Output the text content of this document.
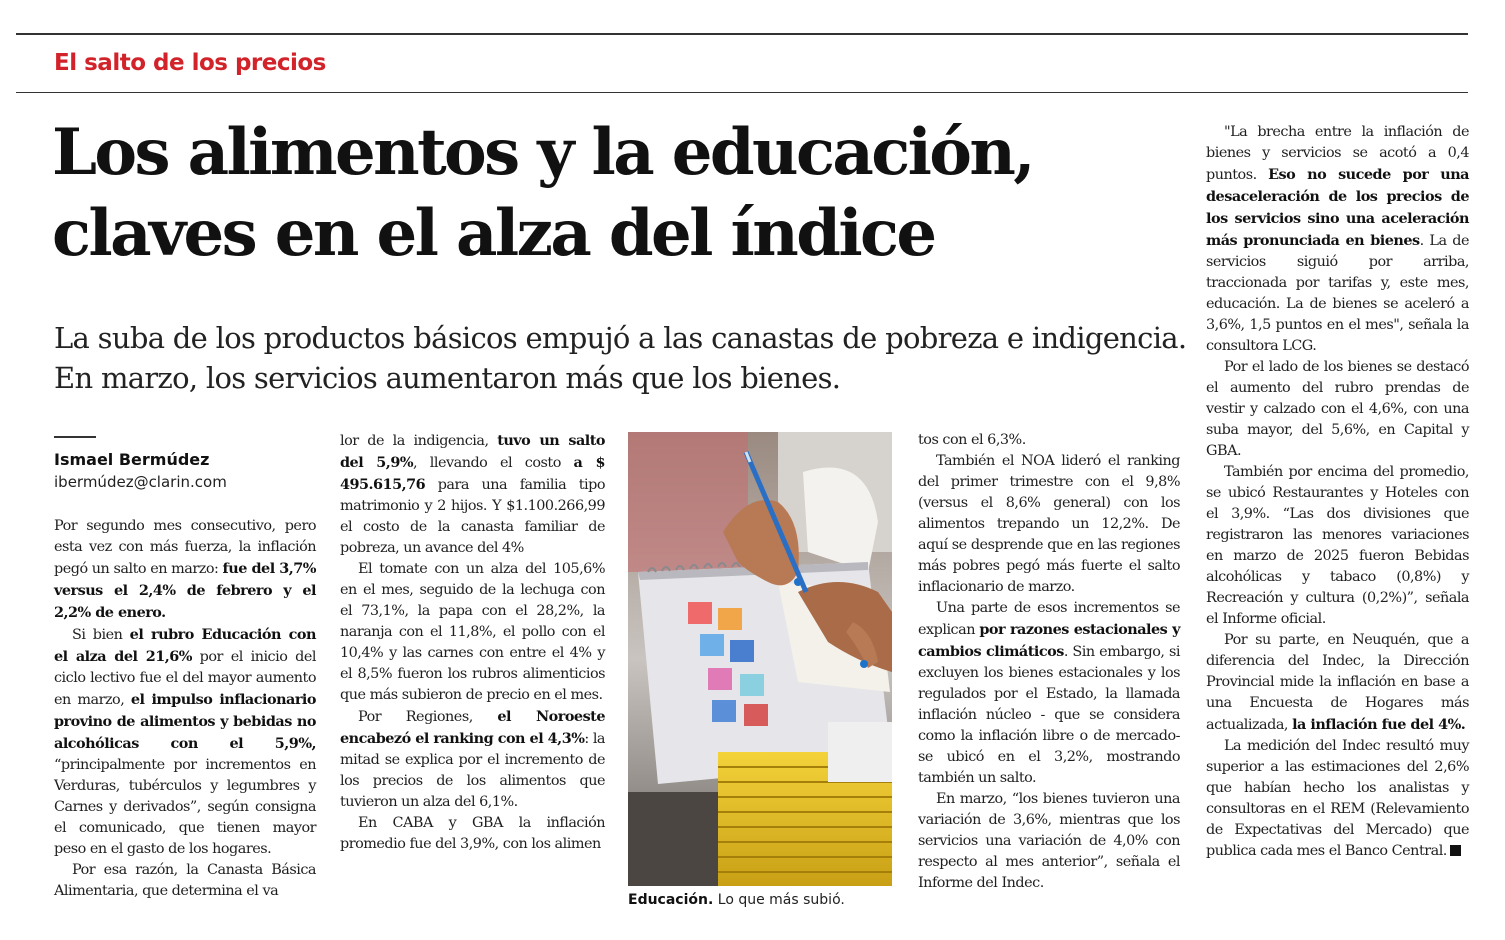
El salto de los precios
Los alimentos y la educación,
claves en el alza del índice
La suba de los productos básicos empujó a las canastas de pobreza e indigencia. En marzo, los servicios aumentaron más que los bienes.
Ismael Bermúdez
ibermúdez@clarin.com

Por segundo mes consecutivo, pero esta vez con más fuerza, la inflación pegó un salto en marzo: fue del 3,7% versus el 2,4% de febrero y el 2,2% de enero.

Si bien el rubro Educación con el alza del 21,6% por el inicio del ciclo lectivo fue el del mayor aumento en marzo, el impulso inflacionario provino de alimentos y bebidas no alcohólicas con el 5,9%, “principalmente por incrementos en Verduras, tubérculos y legumbres y Carnes y derivados”, según consigna el comunicado, que tienen mayor peso en el gasto de los hogares.

Por esa razón, la Canasta Básica Alimentaria, que determina el va

lor de la indigencia, tuvo un salto del 5,9%, llevando el costo a $ 495.615,76 para una familia tipo matrimonio y 2 hijos. Y $1.100.266,99 el costo de la canasta familiar de pobreza, un avance del 4%

El tomate con un alza del 105,6% en el mes, seguido de la lechuga con el 73,1%, la papa con el 28,2%, la naranja con el 11,8%, el pollo con el 10,4% y las carnes con entre el 4% y el 8,5% fueron los rubros alimenticios que más subieron de precio en el mes.

Por Regiones, el Noroeste encabezó el ranking con el 4,3%: la mitad se explica por el incremento de los precios de los alimentos que tuvieron un alza del 6,1%.

En CABA y GBA la inflación promedio fue del 3,9%, con los alimen

Educación. Lo que más subió.

tos con el 6,3%.

También el NOA lideró el ranking del primer trimestre con el 9,8% (versus el 8,6% general) con los alimentos trepando un 12,2%. De aquí se desprende que en las regiones más pobres pegó más fuerte el salto inflacionario de marzo.

Una parte de esos incrementos se explican por razones estacionales y cambios climáticos. Sin embargo, si excluyen los bienes estacionales y los regulados por el Estado, la llamada inflación núcleo - que se considera como la inflación libre o de mercado- se ubicó en el 3,2%, mostrando también un salto.

En marzo, “los bienes tuvieron una variación de 3,6%, mientras que los servicios una variación de 4,0% con respecto al mes anterior”, señala el Informe del Indec.

"La brecha entre la inflación de bienes y servicios se acotó a 0,4 puntos. Eso no sucede por una desaceleración de los precios de los servicios sino una aceleración más pronunciada en bienes. La de servicios siguió por arriba, traccionada por tarifas y, este mes, educación. La de bienes se aceleró a 3,6%, 1,5 puntos en el mes", señala la consultora LCG.

Por el lado de los bienes se destacó el aumento del rubro prendas de vestir y calzado con el 4,6%, con una suba mayor, del 5,6%, en Capital y GBA.

También por encima del promedio, se ubicó Restaurantes y Hoteles con el 3,9%. “Las dos divisiones que registraron las menores variaciones en marzo de 2025 fueron Bebidas alcohólicas y tabaco (0,8%) y Recreación y cultura (0,2%)”, señala el Informe oficial.

Por su parte, en Neuquén, que a diferencia del Indec, la Dirección Provincial mide la inflación en base a una Encuesta de Hogares más actualizada, la inflación fue del 4%.

La medición del Indec resultó muy superior a las estimaciones del 2,6% que habían hecho los analistas y consultoras en el REM (Relevamiento de Expectativas del Mercado) que publica cada mes el Banco Central.
